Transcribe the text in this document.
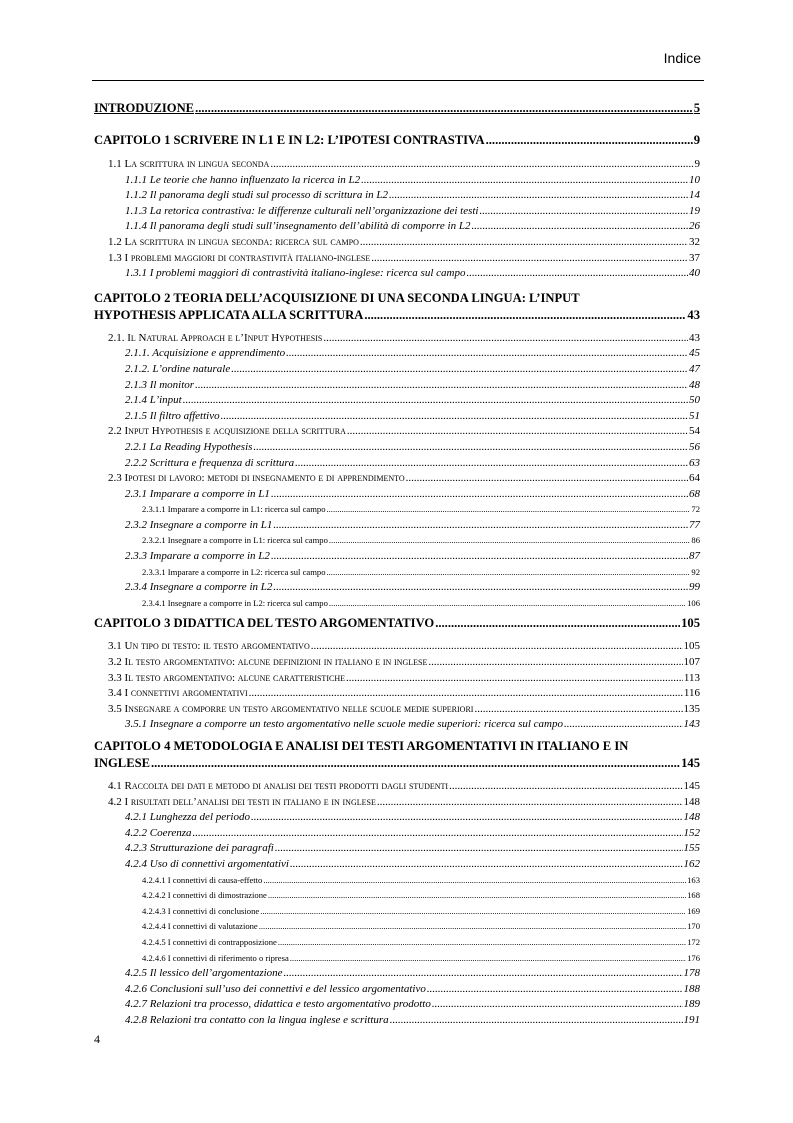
Indice
INTRODUZIONE .....	5
CAPITOLO 1 SCRIVERE IN L1 E IN L2: L’IPOTESI CONTRASTIVA .....	9
1.1 La scrittura in lingua seconda .....	9
1.1.1 Le teorie che hanno influenzato la ricerca in L2 .....	10
1.1.2 Il panorama degli studi sul processo di scrittura in L2 .....	14
1.1.3 La retorica contrastiva: le differenze culturali nell’organizzazione dei testi .....	19
1.1.4 Il panorama degli studi sull’insegnamento dell’abilità di comporre in L2 .....	26
1.2 La scrittura in lingua seconda: ricerca sul campo .....	32
1.3 I problemi maggiori di contrastività italiano-inglese .....	37
1.3.1 I problemi maggiori di contrastività italiano-inglese: ricerca sul campo .....	40
CAPITOLO 2 TEORIA DELL’ACQUISIZIONE DI UNA SECONDA LINGUA: L’INPUT
HYPOTHESIS APPLICATA ALLA SCRITTURA .....	43
2.1. Il Natural Approach e l’Input Hypothesis .....	43
2.1.1. Acquisizione e apprendimento .....	45
2.1.2. L’ordine naturale .....	47
2.1.3 Il monitor .....	48
2.1.4 L’input .....	50
2.1.5 Il filtro affettivo .....	51
2.2 Input Hypothesis e acquisizione della scrittura .....	54
2.2.1 La Reading Hypothesis .....	56
2.2.2 Scrittura e frequenza di scrittura .....	63
2.3 Ipotesi di lavoro: metodi di insegnamento e di apprendimento .....	64
2.3.1 Imparare a comporre in L1 .....	68
2.3.1.1 Imparare a comporre in L1: ricerca sul campo .....	72
2.3.2 Insegnare a comporre in L1 .....	77
2.3.2.1 Insegnare a comporre in L1: ricerca sul campo .....	86
2.3.3 Imparare a comporre in L2 .....	87
2.3.3.1 Imparare a comporre in L2: ricerca sul campo .....	92
2.3.4 Insegnare a comporre in L2 .....	99
2.3.4.1 Insegnare a comporre in L2: ricerca sul campo .....	106
CAPITOLO 3 DIDATTICA DEL TESTO ARGOMENTATIVO .....	105
3.1 Un tipo di testo: il testo argomentativo .....	105
3.2 Il testo argomentativo: alcune definizioni in italiano e in inglese .....	107
3.3 Il testo argomentativo: alcune caratteristiche .....	113
3.4 I connettivi argomentativi .....	116
3.5 Insegnare a comporre un testo argomentativo nelle scuole medie superiori .....	135
3.5.1 Insegnare a comporre un testo argomentativo nelle scuole medie superiori: ricerca sul campo .....	143
CAPITOLO 4 METODOLOGIA E ANALISI DEI TESTI ARGOMENTATIVI IN ITALIANO E IN
INGLESE .....	145
4.1 Raccolta dei dati e metodo di analisi dei testi prodotti dagli studenti .....	145
4.2 I risultati dell’analisi dei testi in italiano e in inglese .....	148
4.2.1 Lunghezza del periodo .....	148
4.2.2 Coerenza .....	152
4.2.3 Strutturazione dei paragrafi .....	155
4.2.4 Uso di connettivi argomentativi .....	162
4.2.4.1 I connettivi di causa-effetto .....	163
4.2.4.2 I connettivi di dimostrazione .....	168
4.2.4.3 I connettivi di conclusione .....	169
4.2.4.4 I connettivi di valutazione .....	170
4.2.4.5 I connettivi di contrapposizione .....	172
4.2.4.6 I connettivi di riferimento o ripresa .....	176
4.2.5 Il lessico dell’argomentazione .....	178
4.2.6 Conclusioni sull’uso dei connettivi e del lessico argomentativo .....	188
4.2.7 Relazioni tra processo, didattica e testo argomentativo prodotto .....	189
4.2.8 Relazioni tra contatto con la lingua inglese e scrittura .....	191
4
